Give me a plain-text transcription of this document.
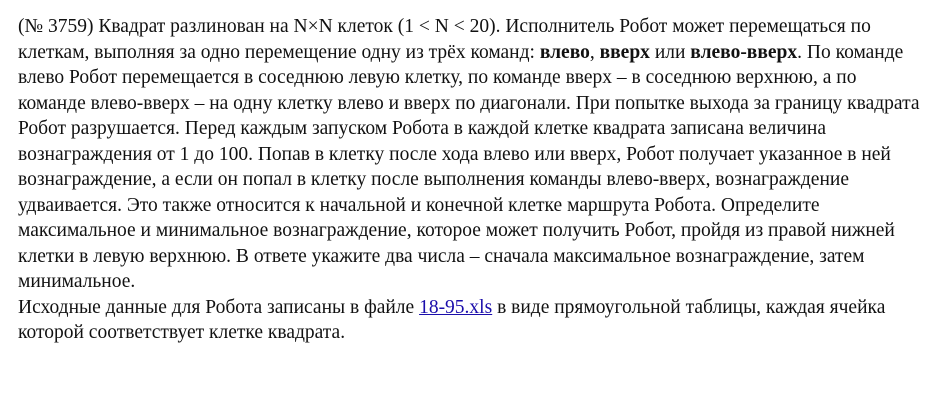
(№ 3759) Квадрат разлинован на N×N клеток (1 < N < 20). Исполнитель Робот может перемещаться по клеткам, выполняя за одно перемещение одну из трёх команд: влево, вверх или влево-вверх. По команде влево Робот перемещается в соседнюю левую клетку, по команде вверх – в соседнюю верхнюю, а по команде влево-вверх – на одну клетку влево и вверх по диагонали. При попытке выхода за границу квадрата Робот разрушается. Перед каждым запуском Робота в каждой клетке квадрата записана величина вознаграждения от 1 до 100. Попав в клетку после хода влево или вверх, Робот получает указанное в ней вознаграждение, а если он попал в клетку после выполнения команды влево-вверх, вознаграждение удваивается. Это также относится к начальной и конечной клетке маршрута Робота. Определите максимальное и минимальное вознаграждение, которое может получить Робот, пройдя из правой нижней клетки в левую верхнюю. В ответе укажите два числа – сначала максимальное вознаграждение, затем минимальное.

Исходные данные для Робота записаны в файле 18-95.xls в виде прямоугольной таблицы, каждая ячейка которой соответствует клетке квадрата.
